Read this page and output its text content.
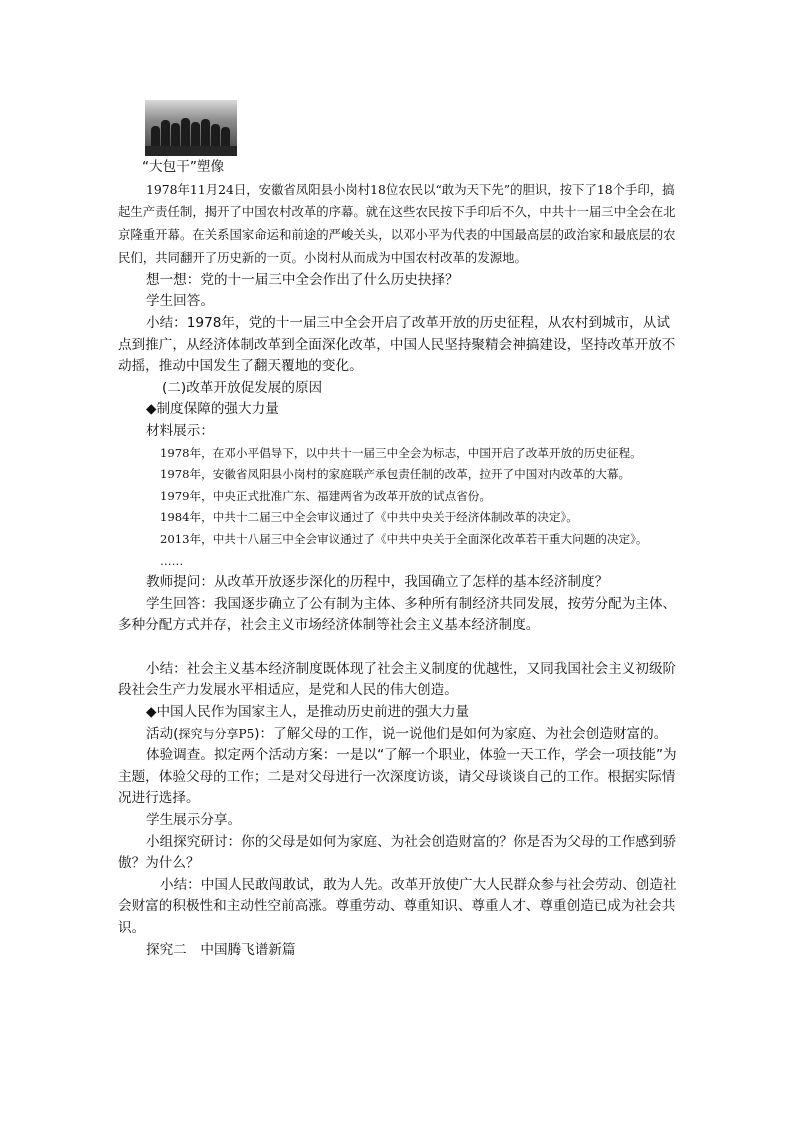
“大包干”塑像

1978年11月24日，安徽省凤阳县小岗村18位农民以“敢为天下先”的胆识，按下了18个手印，搞起生产责任制，揭开了中国农村改革的序幕。就在这些农民按下手印后不久，中共十一届三中全会在北京隆重开幕。在关系国家命运和前途的严峻关头，以邓小平为代表的中国最高层的政治家和最底层的农民们，共同翻开了历史新的一页。小岗村从而成为中国农村改革的发源地。

想一想：党的十一届三中全会作出了什么历史抉择？

学生回答。

小结：1978年，党的十一届三中全会开启了改革开放的历史征程，从农村到城市，从试点到推广，从经济体制改革到全面深化改革，中国人民坚持聚精会神搞建设，坚持改革开放不动摇，推动中国发生了翻天覆地的变化。

(二)改革开放促发展的原因

◆制度保障的强大力量

材料展示：

1978年，在邓小平倡导下，以中共十一届三中全会为标志，中国开启了改革开放的历史征程。

1978年，安徽省凤阳县小岗村的家庭联产承包责任制的改革，拉开了中国对内改革的大幕。

1979年，中央正式批准广东、福建两省为改革开放的试点省份。

1984年，中共十二届三中全会审议通过了《中共中央关于经济体制改革的决定》。

2013年，中共十八届三中全会审议通过了《中共中央关于全面深化改革若干重大问题的决定》。

……

教师提问：从改革开放逐步深化的历程中，我国确立了怎样的基本经济制度？

学生回答：我国逐步确立了公有制为主体、多种所有制经济共同发展，按劳分配为主体、多种分配方式并存，社会主义市场经济体制等社会主义基本经济制度。

小结：社会主义基本经济制度既体现了社会主义制度的优越性，又同我国社会主义初级阶段社会生产力发展水平相适应，是党和人民的伟大创造。

◆中国人民作为国家主人，是推动历史前进的强大力量

活动(探究与分享P5)：了解父母的工作，说一说他们是如何为家庭、为社会创造财富的。

体验调查。拟定两个活动方案：一是以“了解一个职业，体验一天工作，学会一项技能”为主题，体验父母的工作；二是对父母进行一次深度访谈，请父母谈谈自己的工作。根据实际情况进行选择。

学生展示分享。

小组探究研讨：你的父母是如何为家庭、为社会创造财富的？你是否为父母的工作感到骄傲？为什么？

小结：中国人民敢闯敢试，敢为人先。改革开放使广大人民群众参与社会劳动、创造社会财富的积极性和主动性空前高涨。尊重劳动、尊重知识、尊重人才、尊重创造已成为社会共识。

探究二　中国腾飞谱新篇
